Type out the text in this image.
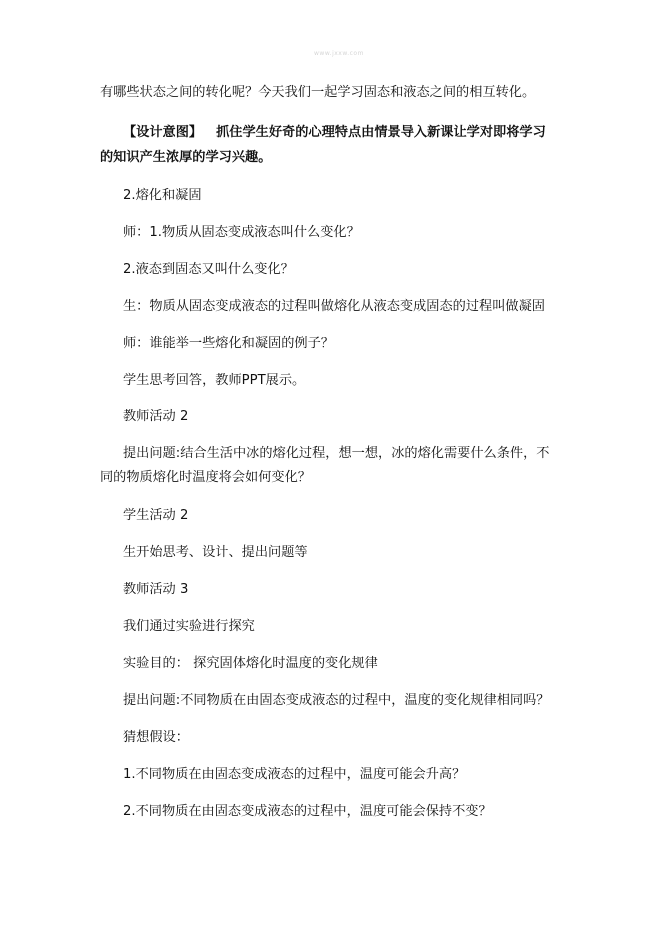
www.jxxw.com

有哪些状态之间的转化呢？今天我们一起学习固态和液态之间的相互转化。

【设计意图】 抓住学生好奇的心理特点由情景导入新课让学对即将学习

的知识产生浓厚的学习兴趣。

2.熔化和凝固

师：1.物质从固态变成液态叫什么变化？

2.液态到固态又叫什么变化？

生：物质从固态变成液态的过程叫做熔化从液态变成固态的过程叫做凝固

师：谁能举一些熔化和凝固的例子？

学生思考回答，教师PPT展示。

教师活动 2

提出问题:结合生活中冰的熔化过程，想一想，冰的熔化需要什么条件，不

同的物质熔化时温度将会如何变化？

学生活动 2

生开始思考、设计、提出问题等

教师活动 3

我们通过实验进行探究

实验目的： 探究固体熔化时温度的变化规律

提出问题:不同物质在由固态变成液态的过程中，温度的变化规律相同吗？

猜想假设：

1.不同物质在由固态变成液态的过程中，温度可能会升高？

2.不同物质在由固态变成液态的过程中，温度可能会保持不变？
